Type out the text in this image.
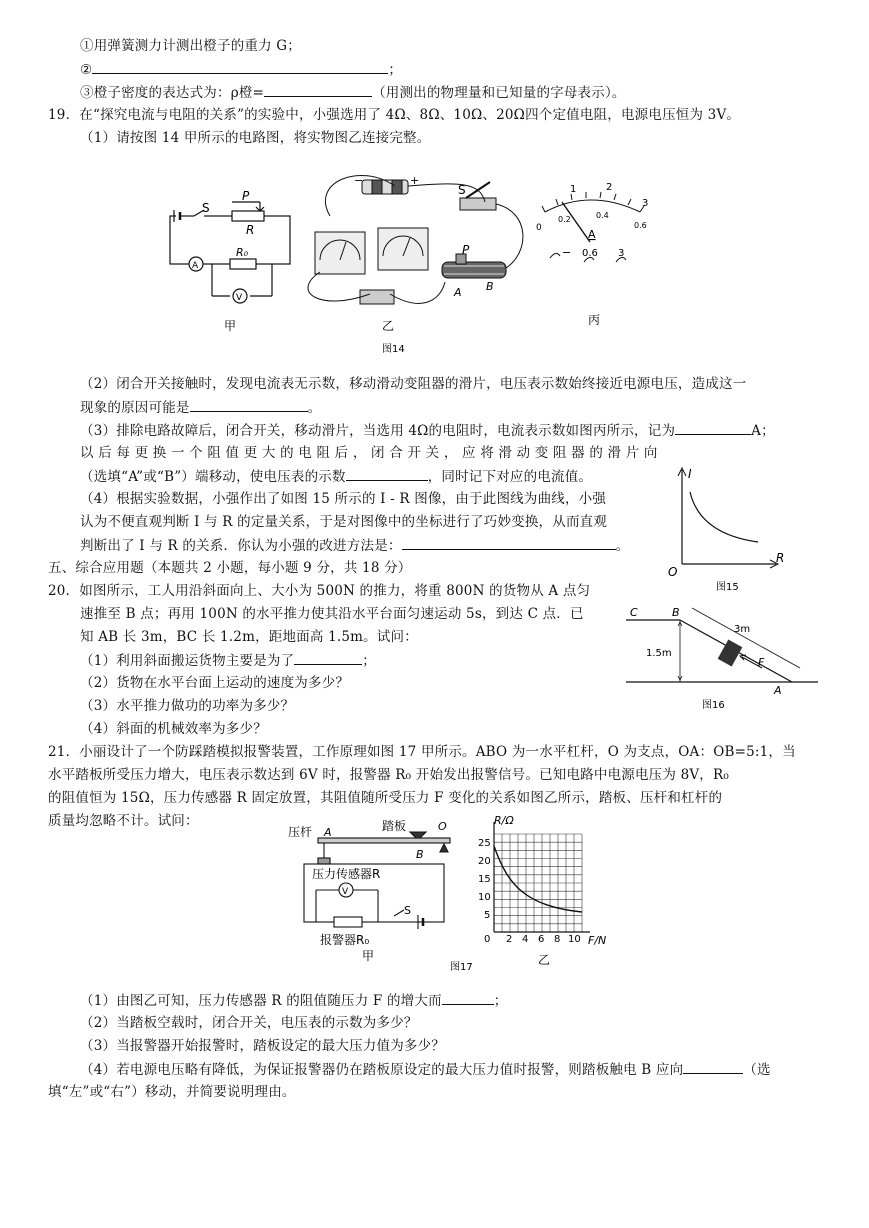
①用弹簧测力计测出橙子的重力 G；
②	；
③橙子密度的表达式为：ρ橙=	（用测出的物理量和已知量的字母表示）。
19．在“探究电流与电阻的关系”的实验中，小强选用了 4Ω、8Ω、10Ω、20Ω四个定值电阻，电源电压恒为 3V。
（1）请按图 14 甲所示的电路图，将实物图乙连接完整。
S
P
R
R₀
A
V
甲
−	+
S
P
A B
乙
0
1	2
3
0.2	0.4
0.6
A
− 0.6 3
丙
图14
（2）闭合开关接触时，发现电流表无示数，移动滑动变阻器的滑片，电压表示数始终接近电源电压，造成这一
现象的原因可能是	。
（3）排除电路故障后，闭合开关，移动滑片，当选用 4Ω的电阻时，电流表示数如图丙所示，记为	A；
以 后 每 更 换 一 个 阻 值 更 大 的 电 阻 后 ， 闭 合 开 关 ， 应 将 滑 动 变 阻 器 的 滑 片 向
（选填“A”或“B”）端移动，使电压表的示数	，同时记下对应的电流值。
（4）根据实验数据，小强作出了如图 15 所示的 I - R 图像，由于此图线为曲线，小强
认为不便直观判断 I 与 R 的定量关系，于是对图像中的坐标进行了巧妙变换，从而直观
判断出了 I 与 R 的关系．你认为小强的改进方法是：	。
I
R
O
图15
五、综合应用题（本题共 2 小题，每小题 9 分，共 18 分）
20．如图所示，工人用沿斜面向上、大小为 500N 的推力，将重 800N 的货物从 A 点匀
速推至 B 点；再用 100N 的水平推力使其沿水平台面匀速运动 5s，到达 C 点．已
知 AB 长 3m，BC 长 1.2m，距地面高 1.5m。试问：
（1）利用斜面搬运货物主要是为了	；
（2）货物在水平台面上运动的速度为多少？
（3）水平推力做功的功率为多少？
（4）斜面的机械效率为多少？
C	B
A
F
3m
1.5m
图16
21．小丽设计了一个防踩踏模拟报警装置，工作原理如图 17 甲所示。ABO 为一水平杠杆，O 为支点，OA：OB=5:1，当
水平踏板所受压力增大，电压表示数达到 6V 时，报警器 R₀ 开始发出报警信号。已知电路中电源电压为 8V，R₀
的阻值恒为 15Ω，压力传感器 R 固定放置，其阻值随所受压力 F 变化的关系如图乙所示，踏板、压杆和杠杆的
质量均忽略不计。试问：
压杆 A	踏板	O
B
压力传感器R
V
S
报警器R₀
甲
图17
R/Ω
F/N
25
20
15
10
5
0 2 4 6 8 10
乙
（1）由图乙可知，压力传感器 R 的阻值随压力 F 的增大而	；
（2）当踏板空载时，闭合开关，电压表的示数为多少？
（3）当报警器开始报警时，踏板设定的最大压力值为多少？
（4）若电源电压略有降低，为保证报警器仍在踏板原设定的最大压力值时报警，则踏板触电 B 应向	（选
填“左”或“右”）移动，并简要说明理由。
